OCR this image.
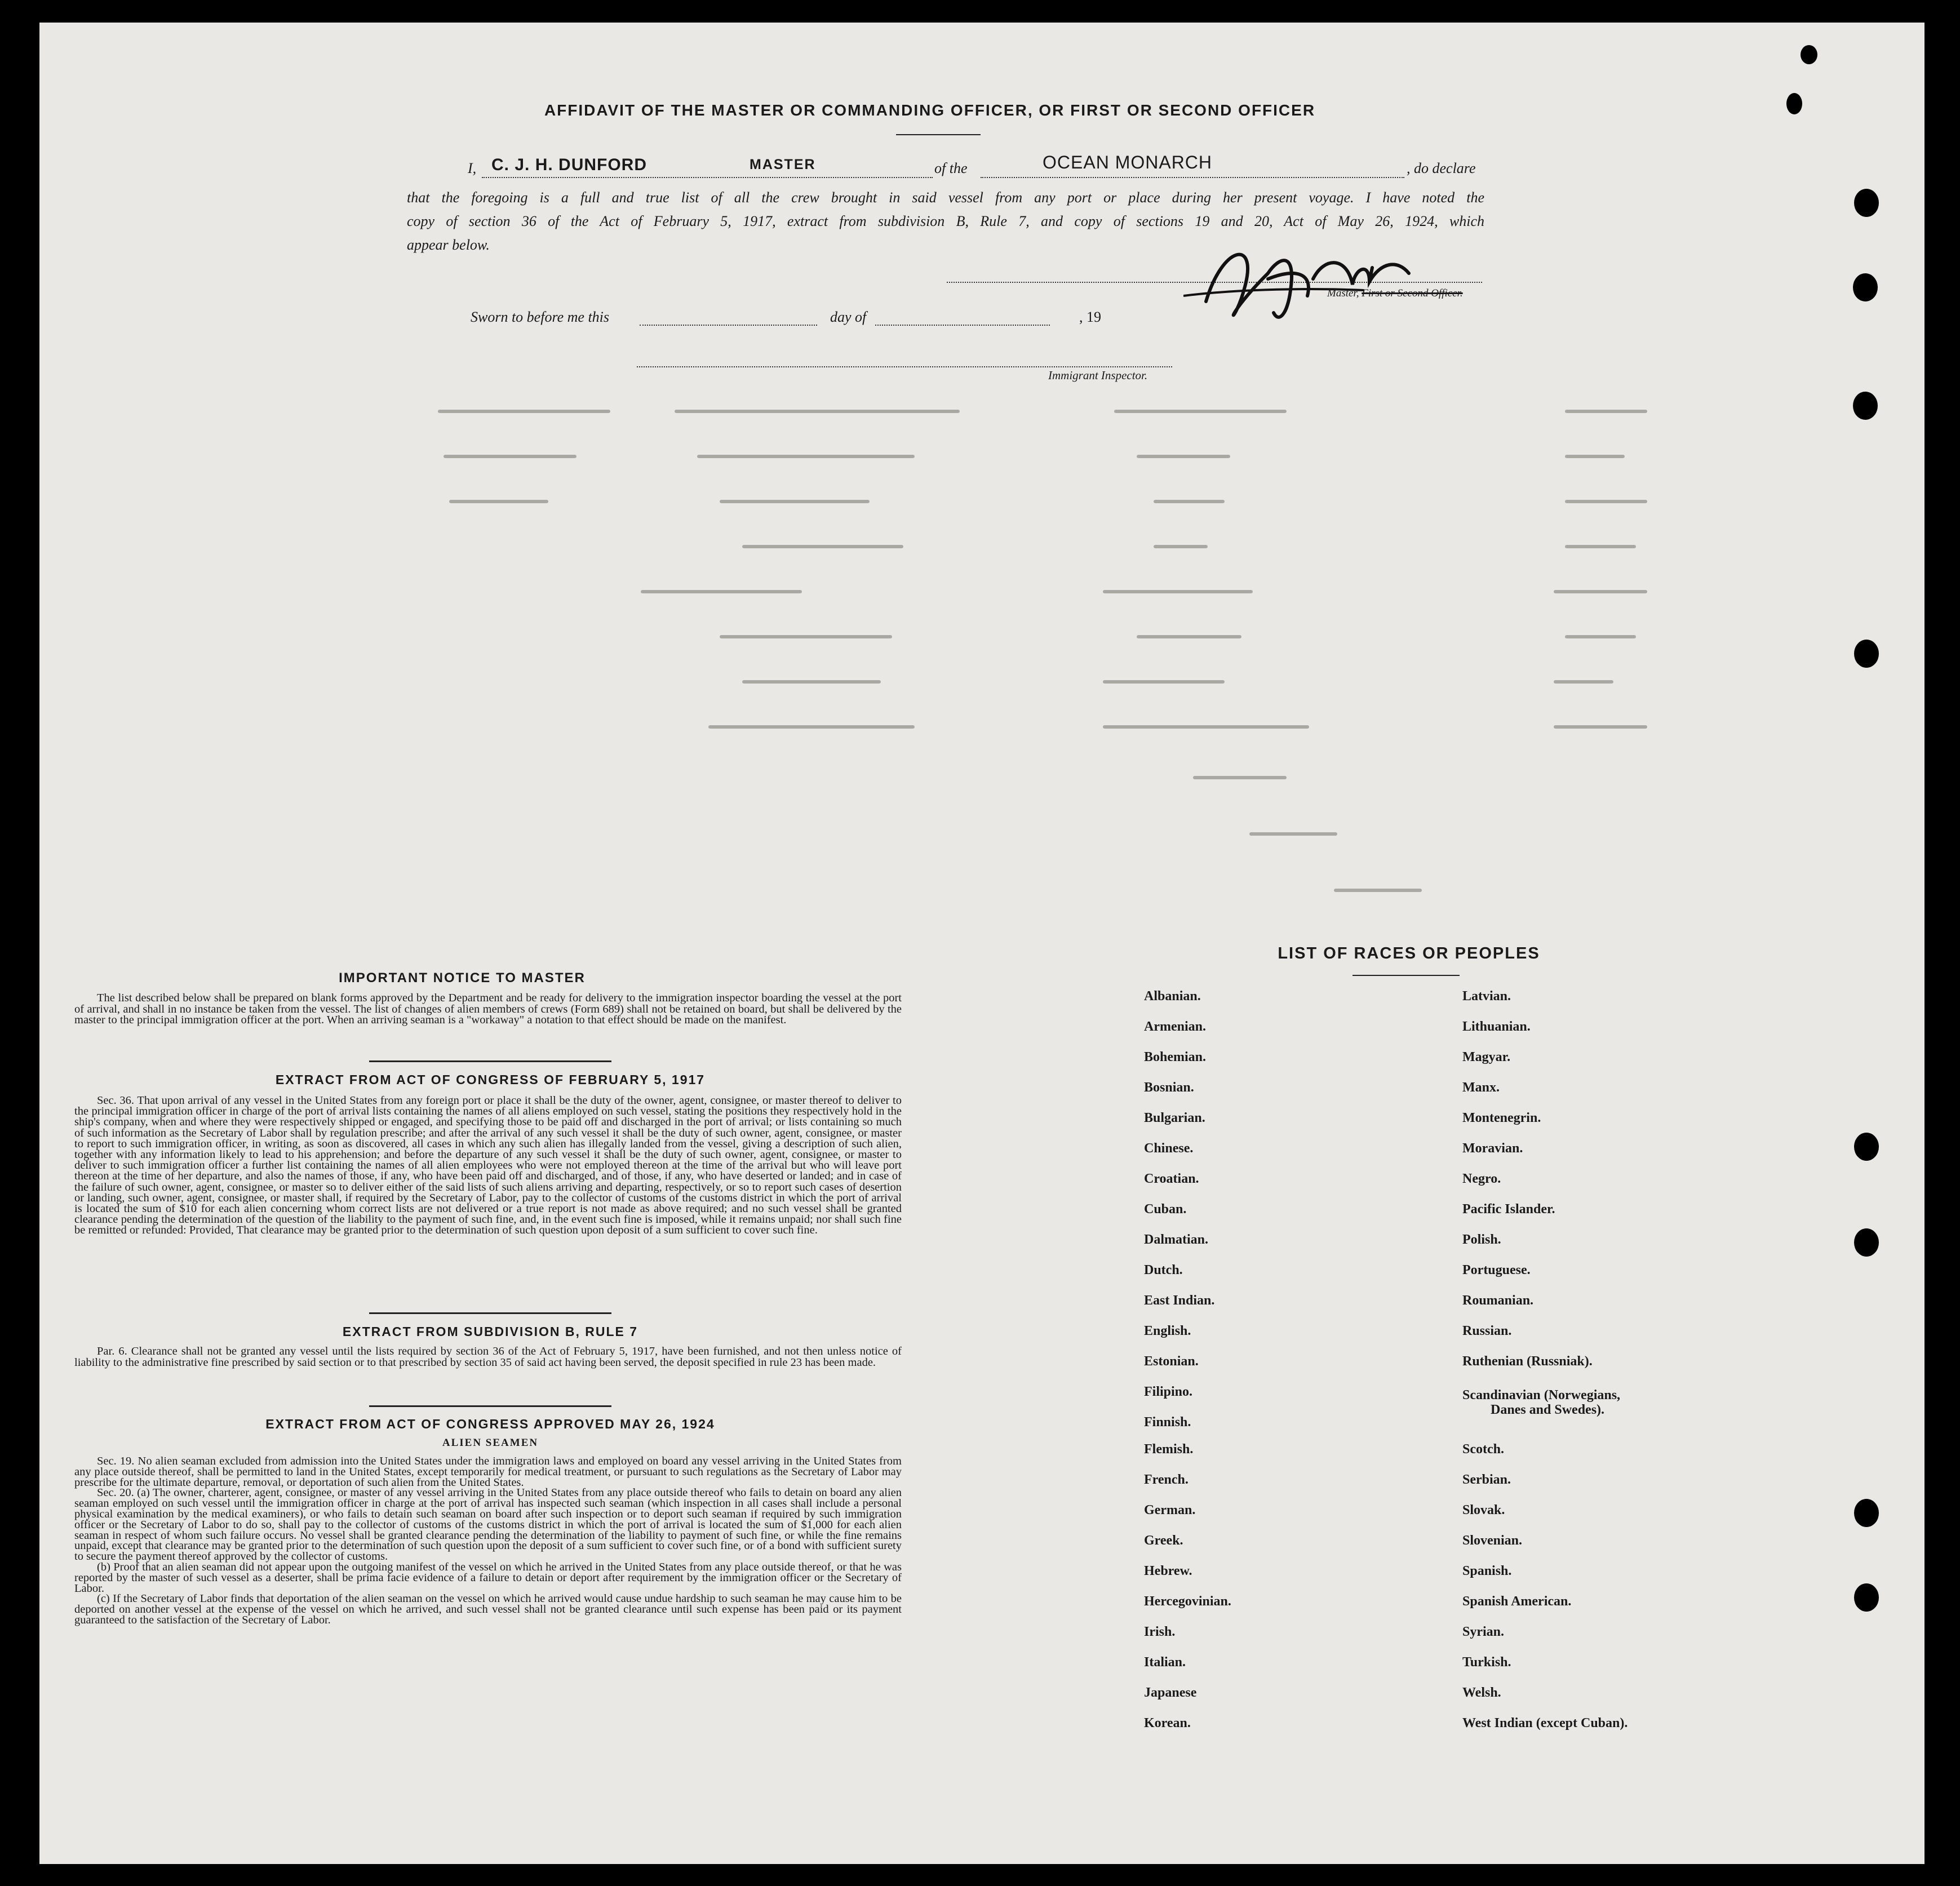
AFFIDAVIT OF THE MASTER OR COMMANDING OFFICER, OR FIRST OR SECOND OFFICER
I, C. J. H. DUNFORD	MASTER	of the	OCEAN MONARCH	, do declare
that the foregoing is a full and true list of all the crew brought in said vessel from any port or place during her present voyage. I have noted the
copy of section 36 of the Act of February 5, 1917, extract from subdivision B, Rule 7, and copy of sections 19 and 20, Act of May 26, 1924, which
appear below.
Master, First or Second Officer.
Sworn to before me this	day of	, 19
Immigrant Inspector.
IMPORTANT NOTICE TO MASTER

The list described below shall be prepared on blank forms approved by the Department and be ready for delivery to the immigration inspector boarding the vessel at the port of arrival, and shall in no instance be taken from the vessel. The list of changes of alien members of crews (Form 689) shall not be retained on board, but shall be delivered by the master to the principal immigration officer at the port. When an arriving seaman is a "workaway" a notation to that effect should be made on the manifest.

EXTRACT FROM ACT OF CONGRESS OF FEBRUARY 5, 1917

Sec. 36. That upon arrival of any vessel in the United States from any foreign port or place it shall be the duty of the owner, agent, consignee, or master thereof to deliver to the principal immigration officer in charge of the port of arrival lists containing the names of all aliens employed on such vessel, stating the positions they respectively hold in the ship's company, when and where they were respectively shipped or engaged, and specifying those to be paid off and discharged in the port of arrival; or lists containing so much of such information as the Secretary of Labor shall by regulation prescribe; and after the arrival of any such vessel it shall be the duty of such owner, agent, consignee, or master to report to such immigration officer, in writing, as soon as discovered, all cases in which any such alien has illegally landed from the vessel, giving a description of such alien, together with any information likely to lead to his apprehension; and before the departure of any such vessel it shall be the duty of such owner, agent, consignee, or master to deliver to such immigration officer a further list containing the names of all alien employees who were not employed thereon at the time of the arrival but who will leave port thereon at the time of her departure, and also the names of those, if any, who have been paid off and discharged, and of those, if any, who have deserted or landed; and in case of the failure of such owner, agent, consignee, or master so to deliver either of the said lists of such aliens arriving and departing, respectively, or so to report such cases of desertion or landing, such owner, agent, consignee, or master shall, if required by the Secretary of Labor, pay to the collector of customs of the customs district in which the port of arrival is located the sum of $10 for each alien concerning whom correct lists are not delivered or a true report is not made as above required; and no such vessel shall be granted clearance pending the determination of the question of the liability to the payment of such fine, and, in the event such fine is imposed, while it remains unpaid; nor shall such fine be remitted or refunded: Provided, That clearance may be granted prior to the determination of such question upon deposit of a sum sufficient to cover such fine.

EXTRACT FROM SUBDIVISION B, RULE 7

Par. 6. Clearance shall not be granted any vessel until the lists required by section 36 of the Act of February 5, 1917, have been furnished, and not then unless notice of liability to the administrative fine prescribed by said section or to that prescribed by section 35 of said act having been served, the deposit specified in rule 23 has been made.

EXTRACT FROM ACT OF CONGRESS APPROVED MAY 26, 1924
ALIEN SEAMEN

Sec. 19. No alien seaman excluded from admission into the United States under the immigration laws and employed on board any vessel arriving in the United States from any place outside thereof, shall be permitted to land in the United States, except temporarily for medical treatment, or pursuant to such regulations as the Secretary of Labor may prescribe for the ultimate departure, removal, or deportation of such alien from the United States.

Sec. 20. (a) The owner, charterer, agent, consignee, or master of any vessel arriving in the United States from any place outside thereof who fails to detain on board any alien seaman employed on such vessel until the immigration officer in charge at the port of arrival has inspected such seaman (which inspection in all cases shall include a personal physical examination by the medical examiners), or who fails to detain such seaman on board after such inspection or to deport such seaman if required by such immigration officer or the Secretary of Labor to do so, shall pay to the collector of customs of the customs district in which the port of arrival is located the sum of $1,000 for each alien seaman in respect of whom such failure occurs. No vessel shall be granted clearance pending the determination of the liability to payment of such fine, or while the fine remains unpaid, except that clearance may be granted prior to the determination of such question upon the deposit of a sum sufficient to cover such fine, or of a bond with sufficient surety to secure the payment thereof approved by the collector of customs.

(b) Proof that an alien seaman did not appear upon the outgoing manifest of the vessel on which he arrived in the United States from any place outside thereof, or that he was reported by the master of such vessel as a deserter, shall be prima facie evidence of a failure to detain or deport after requirement by the immigration officer or the Secretary of Labor.

(c) If the Secretary of Labor finds that deportation of the alien seaman on the vessel on which he arrived would cause undue hardship to such seaman he may cause him to be deported on another vessel at the expense of the vessel on which he arrived, and such vessel shall not be granted clearance until such expense has been paid or its payment guaranteed to the satisfaction of the Secretary of Labor.

LIST OF RACES OR PEOPLES
Albanian.
Armenian.
Bohemian.
Bosnian.
Bulgarian.
Chinese.
Croatian.
Cuban.
Dalmatian.
Dutch.
East Indian.
English.
Estonian.
Filipino.
Finnish.
Flemish.
French.
German.
Greek.
Hebrew.
Hercegovinian.
Irish.
Italian.
Japanese
Korean.
Latvian.
Lithuanian.
Magyar.
Manx.
Montenegrin.
Moravian.
Negro.
Pacific Islander.
Polish.
Portuguese.
Roumanian.
Russian.
Ruthenian (Russniak).
Scandinavian (Norwegians,
Danes and Swedes).
Scotch.
Serbian.
Slovak.
Slovenian.
Spanish.
Spanish American.
Syrian.
Turkish.
Welsh.
West Indian (except Cuban).
